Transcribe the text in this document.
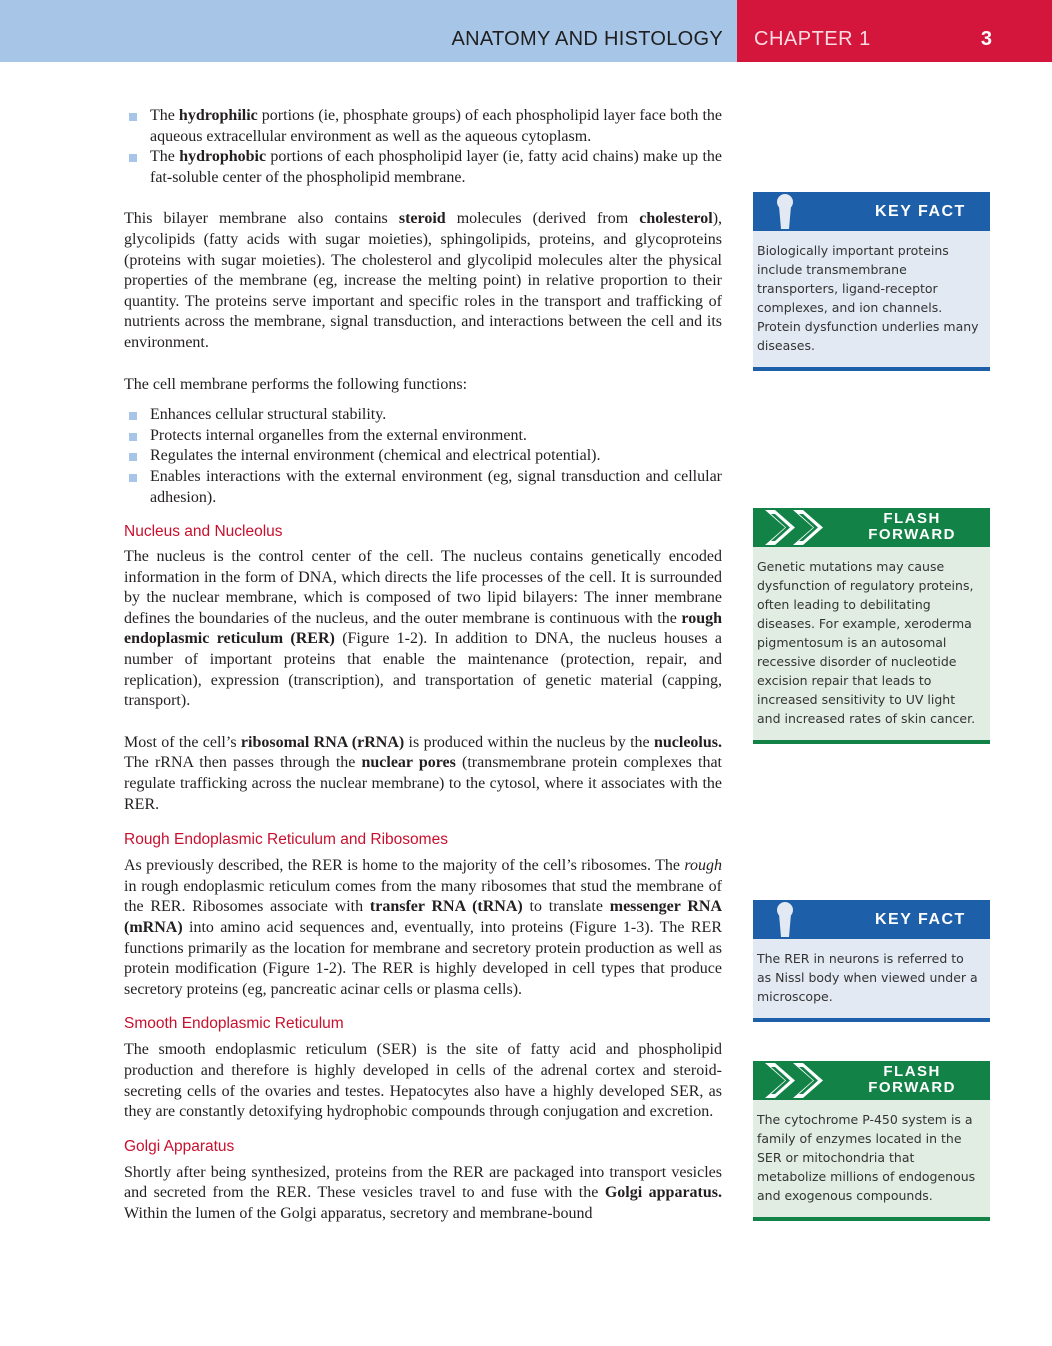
ANATOMY AND HISTOLOGY CHAPTER 1	3
The hydrophilic portions (ie, phosphate groups) of each phospholipid layer face both the aqueous extracellular environment as well as the aqueous cytoplasm.
The hydrophobic portions of each phospholipid layer (ie, fatty acid chains) make up the fat-soluble center of the phospholipid membrane.

This bilayer membrane also contains steroid molecules (derived from cholesterol), glycolipids (fatty acids with sugar moieties), sphingolipids, proteins, and glycoproteins (proteins with sugar moieties). The cholesterol and glycolipid molecules alter the physical properties of the membrane (eg, increase the melting point) in relative proportion to their quantity. The proteins serve important and specific roles in the transport and trafficking of nutrients across the membrane, signal transduction, and interactions between the cell and its environment.

The cell membrane performs the following functions:

Enhances cellular structural stability.
Protects internal organelles from the external environment.
Regulates the internal environment (chemical and electrical potential).
Enables interactions with the external environment (eg, signal transduction and cellular adhesion).
Nucleus and Nucleolus

The nucleus is the control center of the cell. The nucleus contains genetically encoded information in the form of DNA, which directs the life processes of the cell. It is surrounded by the nuclear membrane, which is composed of two lipid bilayers: The inner membrane defines the boundaries of the nucleus, and the outer membrane is continuous with the rough endoplasmic reticulum (RER) (Figure 1-2). In addition to DNA, the nucleus houses a number of important proteins that enable the maintenance (protection, repair, and replication), expression (transcription), and transportation of genetic material (capping, transport).

Most of the cell’s ribosomal RNA (rRNA) is produced within the nucleus by the nucleolus. The rRNA then passes through the nuclear pores (transmembrane protein complexes that regulate trafficking across the nuclear membrane) to the cytosol, where it associates with the RER.

Rough Endoplasmic Reticulum and Ribosomes

As previously described, the RER is home to the majority of the cell’s ribosomes. The rough in rough endoplasmic reticulum comes from the many ribosomes that stud the membrane of the RER. Ribosomes associate with transfer RNA (tRNA) to translate messenger RNA (mRNA) into amino acid sequences and, eventually, into proteins (Figure 1-3). The RER functions primarily as the location for membrane and secretory protein production as well as protein modification (Figure 1-2). The RER is highly developed in cell types that produce secretory proteins (eg, pancreatic acinar cells or plasma cells).

Smooth Endoplasmic Reticulum

The smooth endoplasmic reticulum (SER) is the site of fatty acid and phospholipid production and therefore is highly developed in cells of the adrenal cortex and steroid-secreting cells of the ovaries and testes. Hepatocytes also have a highly developed SER, as they are constantly detoxifying hydrophobic compounds through conjugation and excretion.

Golgi Apparatus

Shortly after being synthesized, proteins from the RER are packaged into transport vesicles and secreted from the RER. These vesicles travel to and fuse with the Golgi apparatus. Within the lumen of the Golgi apparatus, secretory and membrane-bound

KEY FACT
Biologically important proteins include transmembrane transporters, ligand-receptor complexes, and ion channels. Protein dysfunction underlies many diseases.
FLASH
FORWARD
Genetic mutations may cause dysfunction of regulatory proteins, often leading to debilitating diseases. For example, xeroderma pigmentosum is an autosomal recessive disorder of nucleotide excision repair that leads to increased sensitivity to UV light and increased rates of skin cancer.
KEY FACT
The RER in neurons is referred to as Nissl body when viewed under a microscope.
FLASH
FORWARD
The cytochrome P-450 system is a family of enzymes located in the SER or mitochondria that metabolize millions of endogenous and exogenous compounds.
